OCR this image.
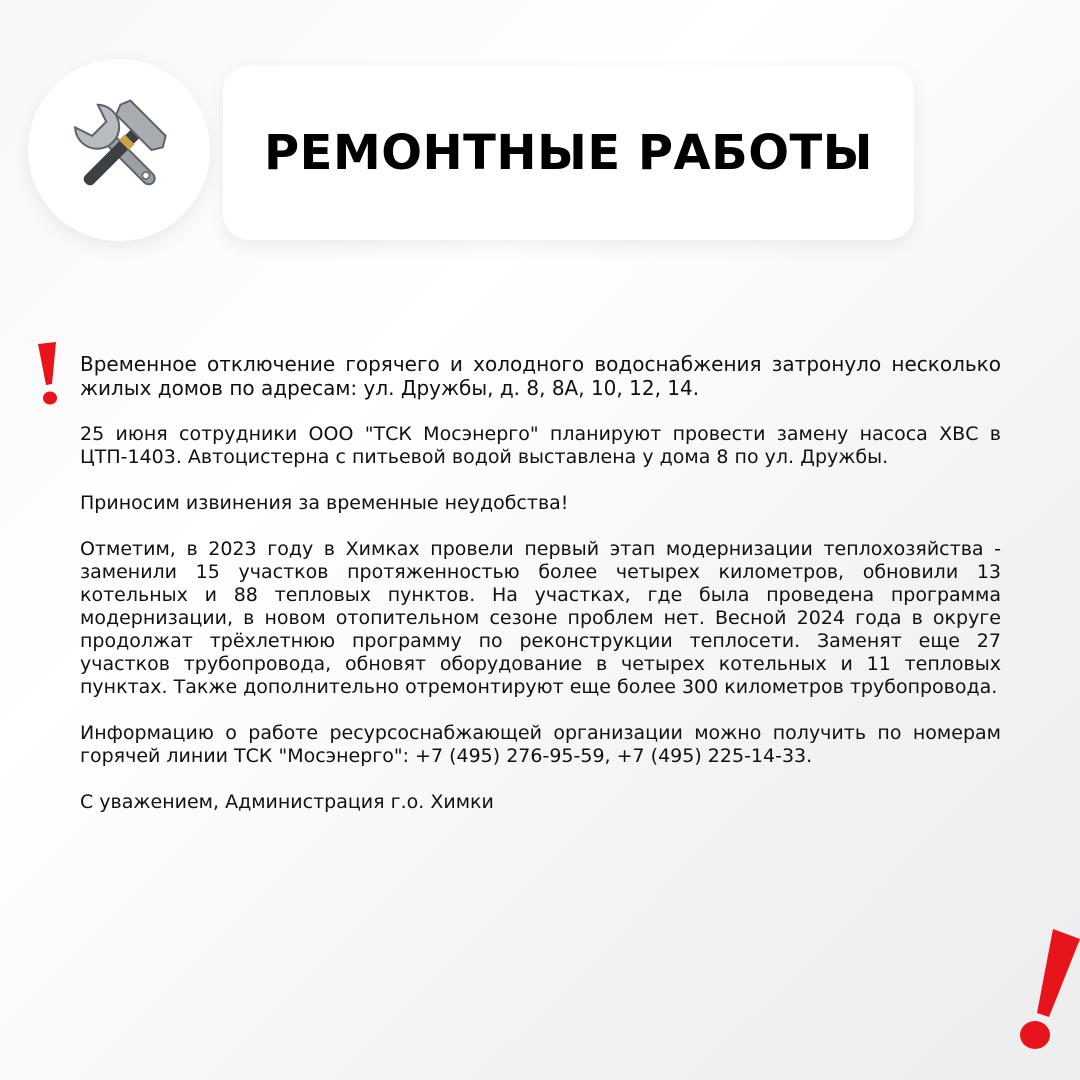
РЕМОНТНЫЕ РАБОТЫ

Временное отключение горячего и холодного водоснабжения затронуло несколько жилых домов по адресам: ул. Дружбы, д. 8, 8А, 10, 12, 14.

25 июня сотрудники ООО "ТСК Мосэнерго" планируют провести замену насоса ХВС в ЦТП-1403. Автоцистерна с питьевой водой выставлена у дома 8 по ул. Дружбы.

Приносим извинения за временные неудобства!

Отметим, в 2023 году в Химках провели первый этап модернизации теплохозяйства - заменили 15 участков протяженностью более четырех километров, обновили 13 котельных и 88 тепловых пунктов. На участках, где была проведена программа модернизации, в новом отопительном сезоне проблем нет. Весной 2024 года в округе продолжат трёхлетнюю программу по реконструкции теплосети. Заменят еще 27 участков трубопровода, обновят оборудование в четырех котельных и 11 тепловых пунктах. Также дополнительно отремонтируют еще более 300 километров трубопровода.

Информацию о работе ресурсоснабжающей организации можно получить по номерам горячей линии ТСК "Мосэнерго": +7 (495) 276-95-59, +7 (495) 225-14-33.

С уважением, Администрация г.о. Химки
